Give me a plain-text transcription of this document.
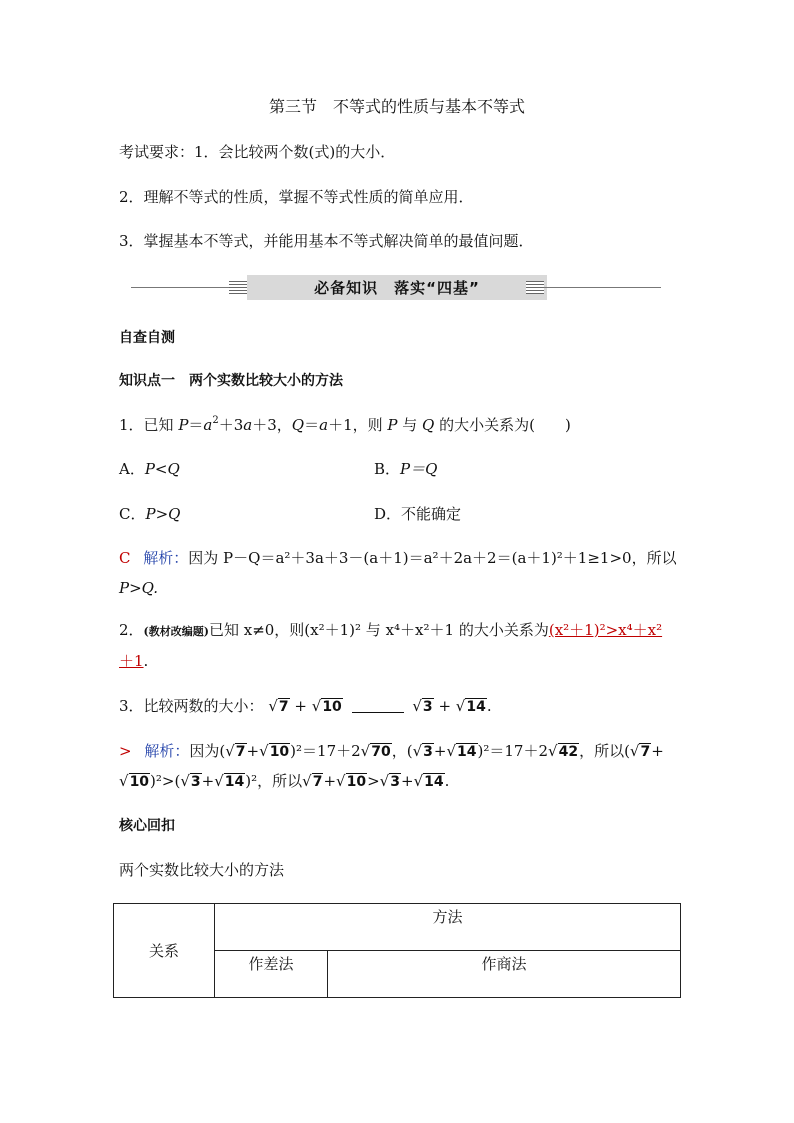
第三节　不等式的性质与基本不等式
考试要求：1．会比较两个数(式)的大小．
2．理解不等式的性质，掌握不等式性质的简单应用．
3．掌握基本不等式，并能用基本不等式解决简单的最值问题．
必备知识　落实“四基”
自查自测
知识点一　两个实数比较大小的方法
1．已知 $P=a^2+3a+3$，Q＝a＋1，则 P 与 Q 的大小关系为(　　)
A．P<Q	B．P＝Q
C．P>Q	D．不能确定
C 解析：因为 P－Q＝a²＋3a＋3－(a＋1)＝a²＋2a＋2＝(a＋1)²＋1≥1>0，所以
P>Q.
2．(教材改编题)已知 x≠0，则(x²＋1)² 与 x⁴＋x²＋1 的大小关系为(x²＋1)²>x⁴＋x²
＋1.
3．比较两数的大小： √7 + √10	√3 + √14.
> 解析：因为(√7+√10)²＝17＋2√70，(√3+√14)²＝17＋2√42，所以(√7+
√10)²>(√3+√14)²，所以√7+√10>√3+√14.
核心回扣
两个实数比较大小的方法
关系	方法	
	作差法	作商法
